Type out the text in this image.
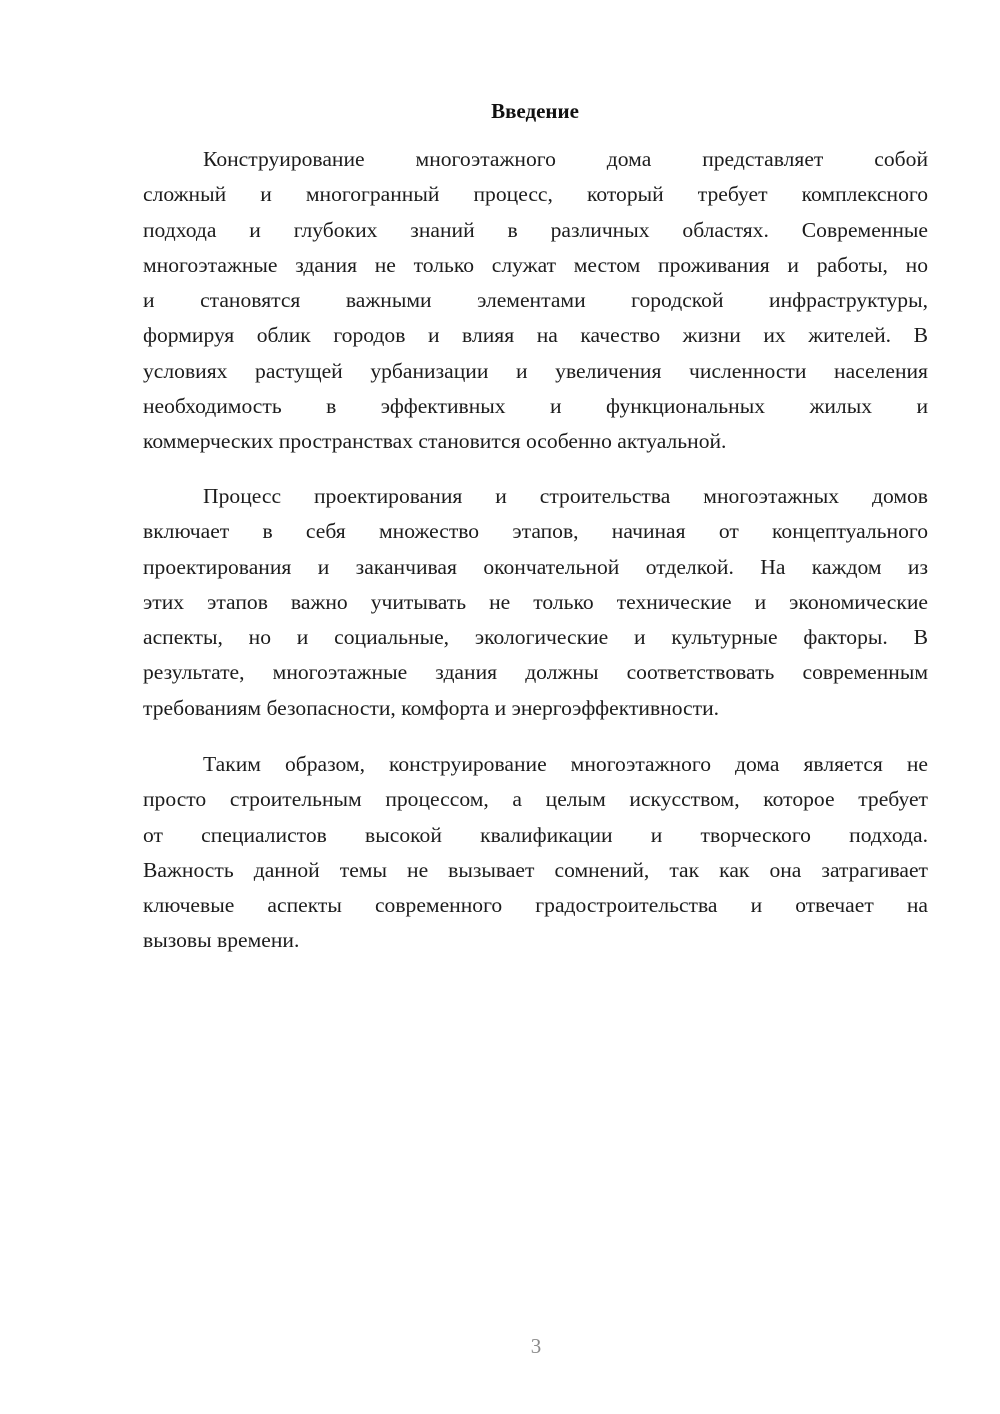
Введение
Конструирование многоэтажного дома представляет собой
сложный и многогранный процесс, который требует комплексного
подхода и глубоких знаний в различных областях. Современные
многоэтажные здания не только служат местом проживания и работы, но
и становятся важными элементами городской инфраструктуры,
формируя облик городов и влияя на качество жизни их жителей. В
условиях растущей урбанизации и увеличения численности населения
необходимость в эффективных и функциональных жилых и
коммерческих пространствах становится особенно актуальной.
Процесс проектирования и строительства многоэтажных домов
включает в себя множество этапов, начиная от концептуального
проектирования и заканчивая окончательной отделкой. На каждом из
этих этапов важно учитывать не только технические и экономические
аспекты, но и социальные, экологические и культурные факторы. В
результате, многоэтажные здания должны соответствовать современным
требованиям безопасности, комфорта и энергоэффективности.
Таким образом, конструирование многоэтажного дома является не
просто строительным процессом, а целым искусством, которое требует
от специалистов высокой квалификации и творческого подхода.
Важность данной темы не вызывает сомнений, так как она затрагивает
ключевые аспекты современного градостроительства и отвечает на
вызовы времени.
3
